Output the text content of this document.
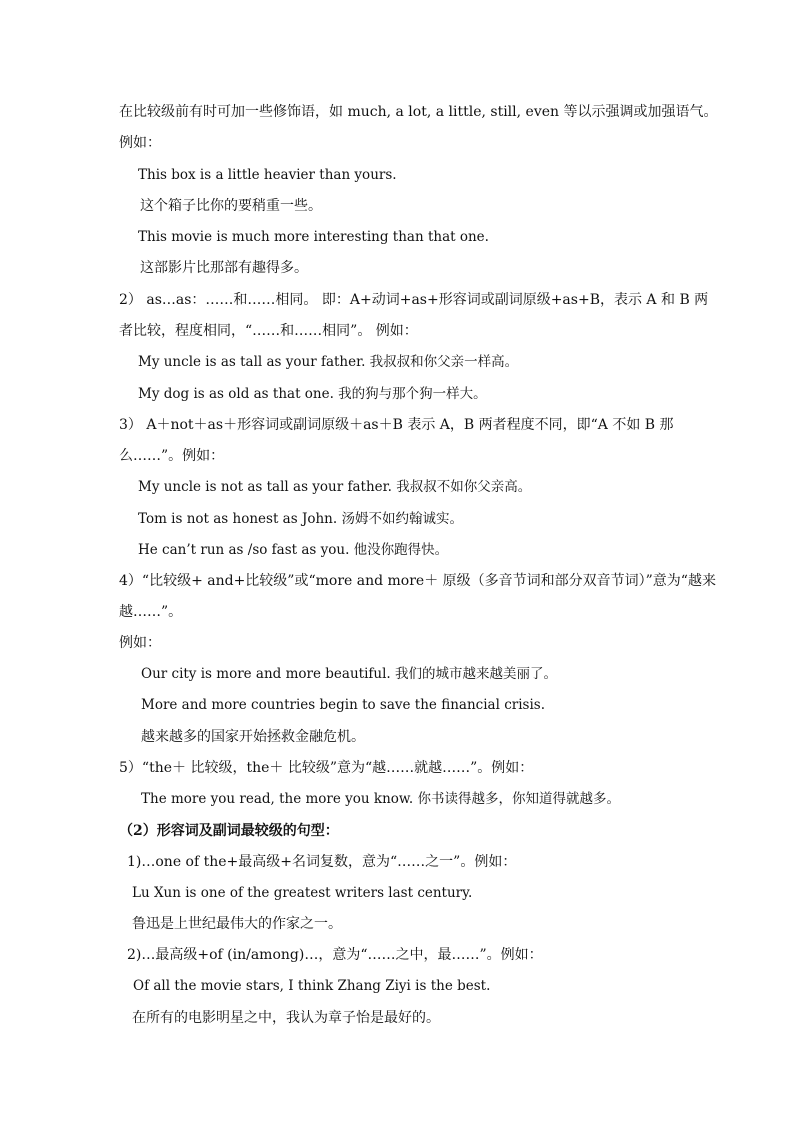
在比较级前有时可加一些修饰语，如 much, a lot, a little, still, even 等以示强调或加强语气。
例如：
This box is a little heavier than yours.
这个箱子比你的要稍重一些。
This movie is much more interesting than that one.
这部影片比那部有趣得多。
2） as…as：……和……相同。 即：A+动词+as+形容词或副词原级+as+B，表示 A 和 B 两
者比较，程度相同，“……和……相同”。 例如：
My uncle is as tall as your father. 我叔叔和你父亲一样高。
My dog is as old as that one. 我的狗与那个狗一样大。
3） A＋not＋as＋形容词或副词原级＋as＋B 表示 A，B 两者程度不同，即“A 不如 B 那
么……”。例如：
My uncle is not as tall as your father. 我叔叔不如你父亲高。
Tom is not as honest as John. 汤姆不如约翰诚实。
He can’t run as /so fast as you. 他没你跑得快。
4）“比较级+ and+比较级”或“more and more＋ 原级（多音节词和部分双音节词）”意为“越来
越……”。
例如：
Our city is more and more beautiful. 我们的城市越来越美丽了。
More and more countries begin to save the financial crisis.
越来越多的国家开始拯救金融危机。
5）“the＋ 比较级，the＋ 比较级”意为“越……就越……”。例如：
The more you read, the more you know. 你书读得越多，你知道得就越多。
（2）形容词及副词最较级的句型：
1)…one of the+最高级+名词复数，意为“……之一”。例如：
Lu Xun is one of the greatest writers last century.
鲁迅是上世纪最伟大的作家之一。
2)…最高级+of (in/among)…，意为“……之中，最……”。例如：
Of all the movie stars, I think Zhang Ziyi is the best.
在所有的电影明星之中，我认为章子怡是最好的。
